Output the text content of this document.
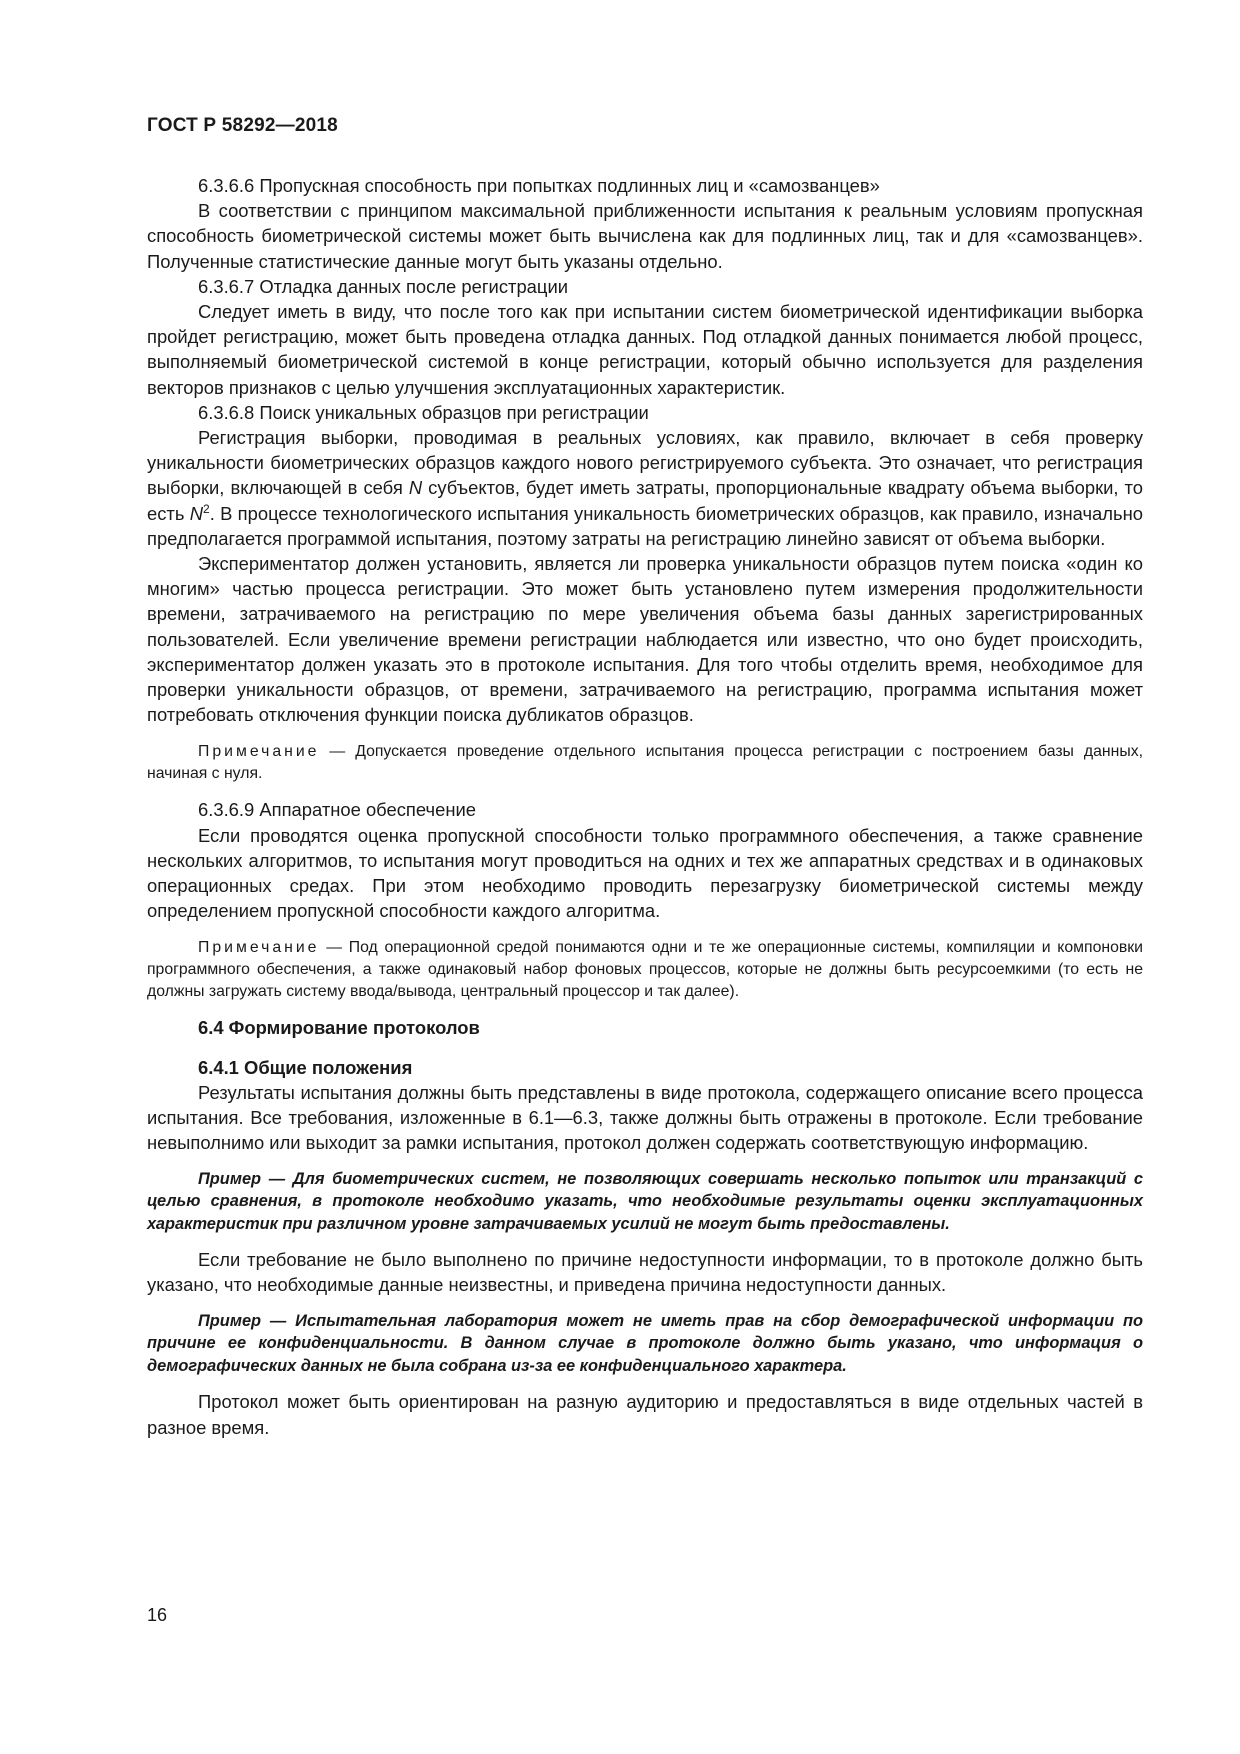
ГОСТ Р 58292—2018

6.3.6.6 Пропускная способность при попытках подлинных лиц и «самозванцев»

В соответствии с принципом максимальной приближенности испытания к реальным условиям пропускная способность биометрической системы может быть вычислена как для подлинных лиц, так и для «самозванцев». Полученные статистические данные могут быть указаны отдельно.

6.3.6.7 Отладка данных после регистрации

Следует иметь в виду, что после того как при испытании систем биометрической идентификации выборка пройдет регистрацию, может быть проведена отладка данных. Под отладкой данных понимается любой процесс, выполняемый биометрической системой в конце регистрации, который обычно используется для разделения векторов признаков с целью улучшения эксплуатационных характеристик.

6.3.6.8 Поиск уникальных образцов при регистрации

Регистрация выборки, проводимая в реальных условиях, как правило, включает в себя проверку уникальности биометрических образцов каждого нового регистрируемого субъекта. Это означает, что регистрация выборки, включающей в себя N субъектов, будет иметь затраты, пропорциональные квадрату объема выборки, то есть $N^2$. В процессе технологического испытания уникальность биометрических образцов, как правило, изначально предполагается программой испытания, поэтому затраты на регистрацию линейно зависят от объема выборки.

Экспериментатор должен установить, является ли проверка уникальности образцов путем поиска «один ко многим» частью процесса регистрации. Это может быть установлено путем измерения продолжительности времени, затрачиваемого на регистрацию по мере увеличения объема базы данных зарегистрированных пользователей. Если увеличение времени регистрации наблюдается или известно, что оно будет происходить, экспериментатор должен указать это в протоколе испытания. Для того чтобы отделить время, необходимое для проверки уникальности образцов, от времени, затрачиваемого на регистрацию, программа испытания может потребовать отключения функции поиска дубликатов образцов.

Примечание — Допускается проведение отдельного испытания процесса регистрации с построением базы данных, начиная с нуля.

6.3.6.9 Аппаратное обеспечение

Если проводятся оценка пропускной способности только программного обеспечения, а также сравнение нескольких алгоритмов, то испытания могут проводиться на одних и тех же аппаратных средствах и в одинаковых операционных средах. При этом необходимо проводить перезагрузку биометрической системы между определением пропускной способности каждого алгоритма.

Примечание — Под операционной средой понимаются одни и те же операционные системы, компиляции и компоновки программного обеспечения, а также одинаковый набор фоновых процессов, которые не должны быть ресурсоемкими (то есть не должны загружать систему ввода/вывода, центральный процессор и так далее).

6.4 Формирование протоколов

6.4.1 Общие положения

Результаты испытания должны быть представлены в виде протокола, содержащего описание всего процесса испытания. Все требования, изложенные в 6.1—6.3, также должны быть отражены в протоколе. Если требование невыполнимо или выходит за рамки испытания, протокол должен содержать соответствующую информацию.

Пример — Для биометрических систем, не позволяющих совершать несколько попыток или транзакций с целью сравнения, в протоколе необходимо указать, что необходимые результаты оценки эксплуатационных характеристик при различном уровне затрачиваемых усилий не могут быть предоставлены.

Если требование не было выполнено по причине недоступности информации, то в протоколе должно быть указано, что необходимые данные неизвестны, и приведена причина недоступности данных.

Пример — Испытательная лаборатория может не иметь прав на сбор демографической информации по причине ее конфиденциальности. В данном случае в протоколе должно быть указано, что информация о демографических данных не была собрана из-за ее конфиденциального характера.

Протокол может быть ориентирован на разную аудиторию и предоставляться в виде отдельных частей в разное время.

16
